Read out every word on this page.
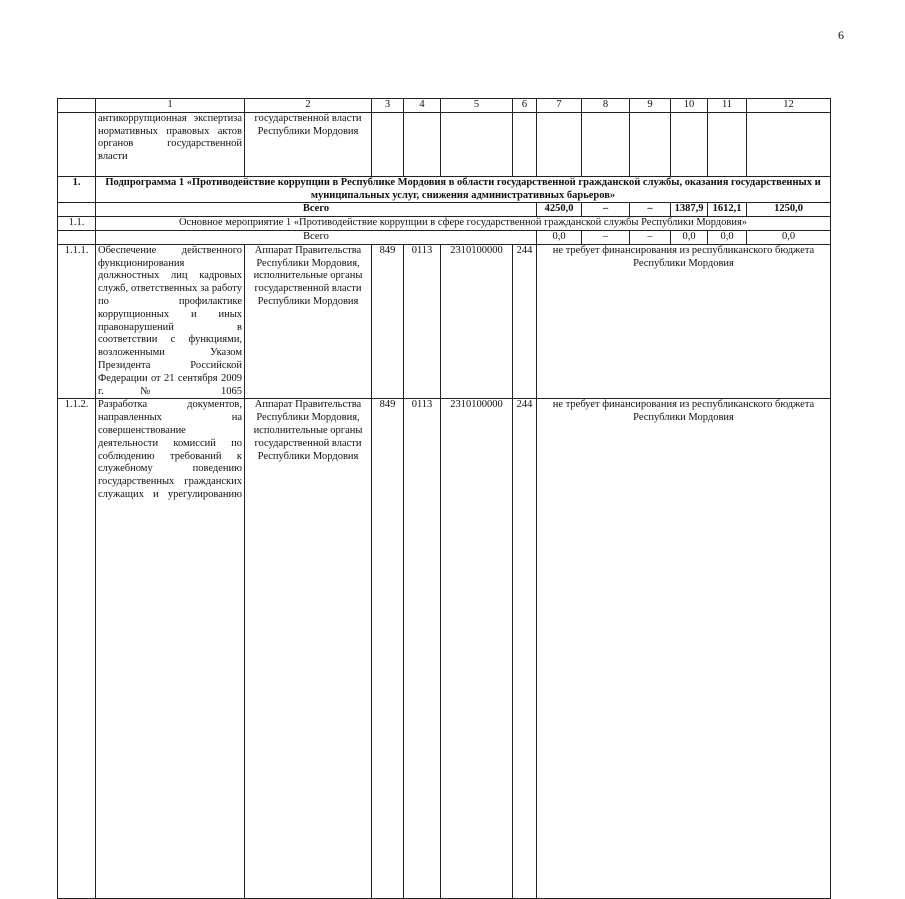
6
	1	2	3	4	5	6	7	8	9	10	11	12
	антикоррупционная экспертиза нормативных правовых актов органов государственной власти	государственной власти Республики Мордовия										
1.	Подпрограмма 1 «Противодействие коррупции в Республике Мордовия в области государственной гражданской службы, оказания государственных и муниципальных услуг, снижения административных барьеров»											
	Всего						4250,0	–	–	1387,9	1612,1	1250,0
1.1.	Основное мероприятие 1 «Противодействие коррупции в сфере государственной гражданской службы Республики Мордовия»											
	Всего						0,0	–	–	0,0	0,0	0,0
1.1.1.	Обеспечение действенного функционирования должностных лиц кадровых служб, ответственных за работу по профилактике коррупционных и иных правонарушений в соответствии с функциями, возложенными Указом Президента Российской Федерации от 21 сентября 2009 г. № 1065	Аппарат Правительства Республики Мордовия, исполнительные органы государственной власти Республики Мордовия	849	0113	2310100000	244	не требует финансирования из республиканского бюджета Республики Мордовия					
1.1.2.	Разработка документов, направленных на совершенствование деятельности комиссий по соблюдению требований к служебному поведению государственных гражданских служащих и урегулированию	Аппарат Правительства Республики Мордовия, исполнительные органы государственной власти Республики Мордовия	849	0113	2310100000	244	не требует финансирования из республиканского бюджета Республики Мордовия					
